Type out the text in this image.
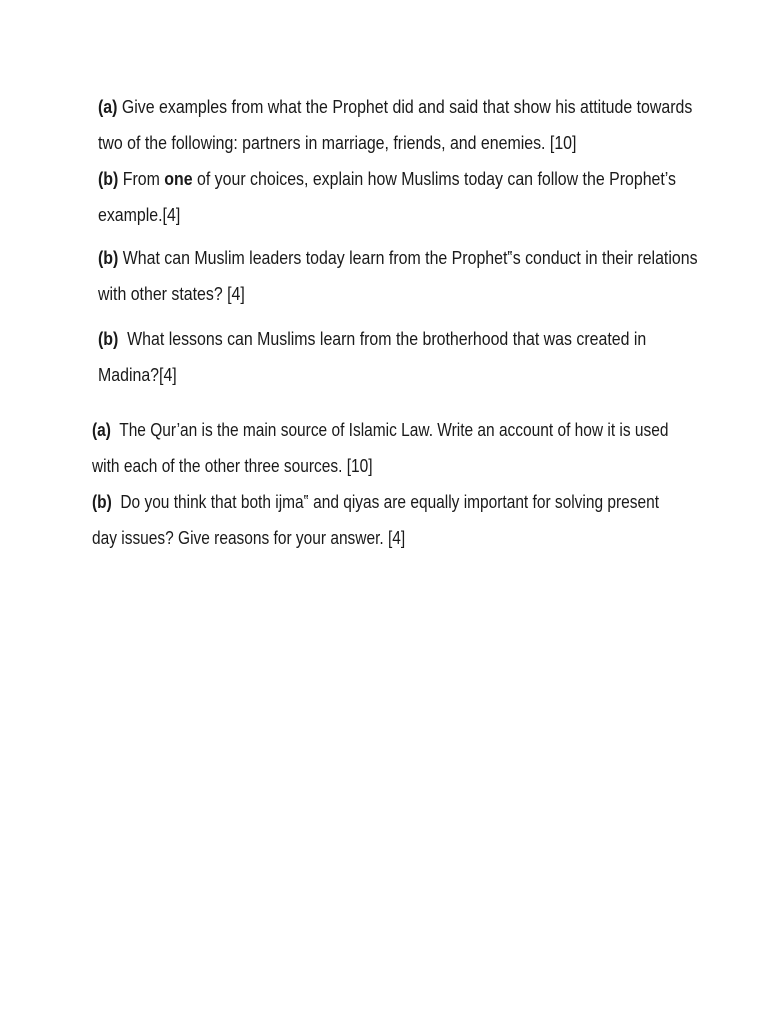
(a) Give examples from what the Prophet did and said that show his attitude towards
two of the following: partners in marriage, friends, and enemies. [10]
(b) From one of your choices, explain how Muslims today can follow the Prophet’s
example.[4]
(b) What can Muslim leaders today learn from the Prophet‟s conduct in their relations
with other states? [4]
(b)  What lessons can Muslims learn from the brotherhood that was created in
Madina?[4]
(a)  The Qur’an is the main source of Islamic Law. Write an account of how it is used
with each of the other three sources. [10]
(b)  Do you think that both ijma‟ and qiyas are equally important for solving present
day issues? Give reasons for your answer. [4]
